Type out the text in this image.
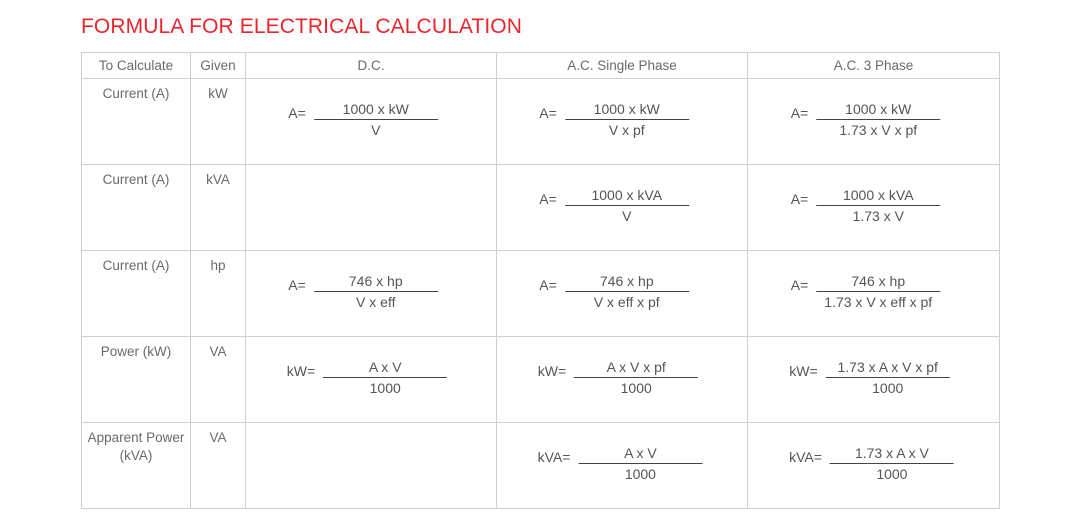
FORMULA FOR ELECTRICAL CALCULATION
To Calculate	Given	D.C.	A.C. Single Phase	A.C. 3 Phase
Current (A)	kW	$A= \frac{\text{1000 x kW}}{V}$	$A= \frac{\text{1000 x kW}}{\text{V x pf}}$	$A= \frac{\text{1000 x kW}}{\text{1.73 x V x pf}}$

Current (A)	kVA		$A= \frac{\text{1000 x kVA}}{V}$	$A= \frac{\text{1000 x kVA}}{\text{1.73 x V}}$

Current (A)	hp	$A= \frac{\text{746 x hp}}{\text{V x eff}}$	$A= \frac{\text{746 x hp}}{\text{V x eff x pf}}$	$A= \frac{\text{746 x hp}}{\text{1.73 x V x eff x pf}}$

Power (kW)	VA	$kW= \frac{\text{A x V}}{1000}$	$kW= \frac{\text{A x V x pf}}{1000}$	$kW= \frac{\text{1.73 x A x V x pf}}{1000}$

Apparent Power (kVA)	VA		$kVA= \frac{\text{A x V}}{1000}$	$kVA= \frac{\text{1.73 x A x V}}{1000}$
